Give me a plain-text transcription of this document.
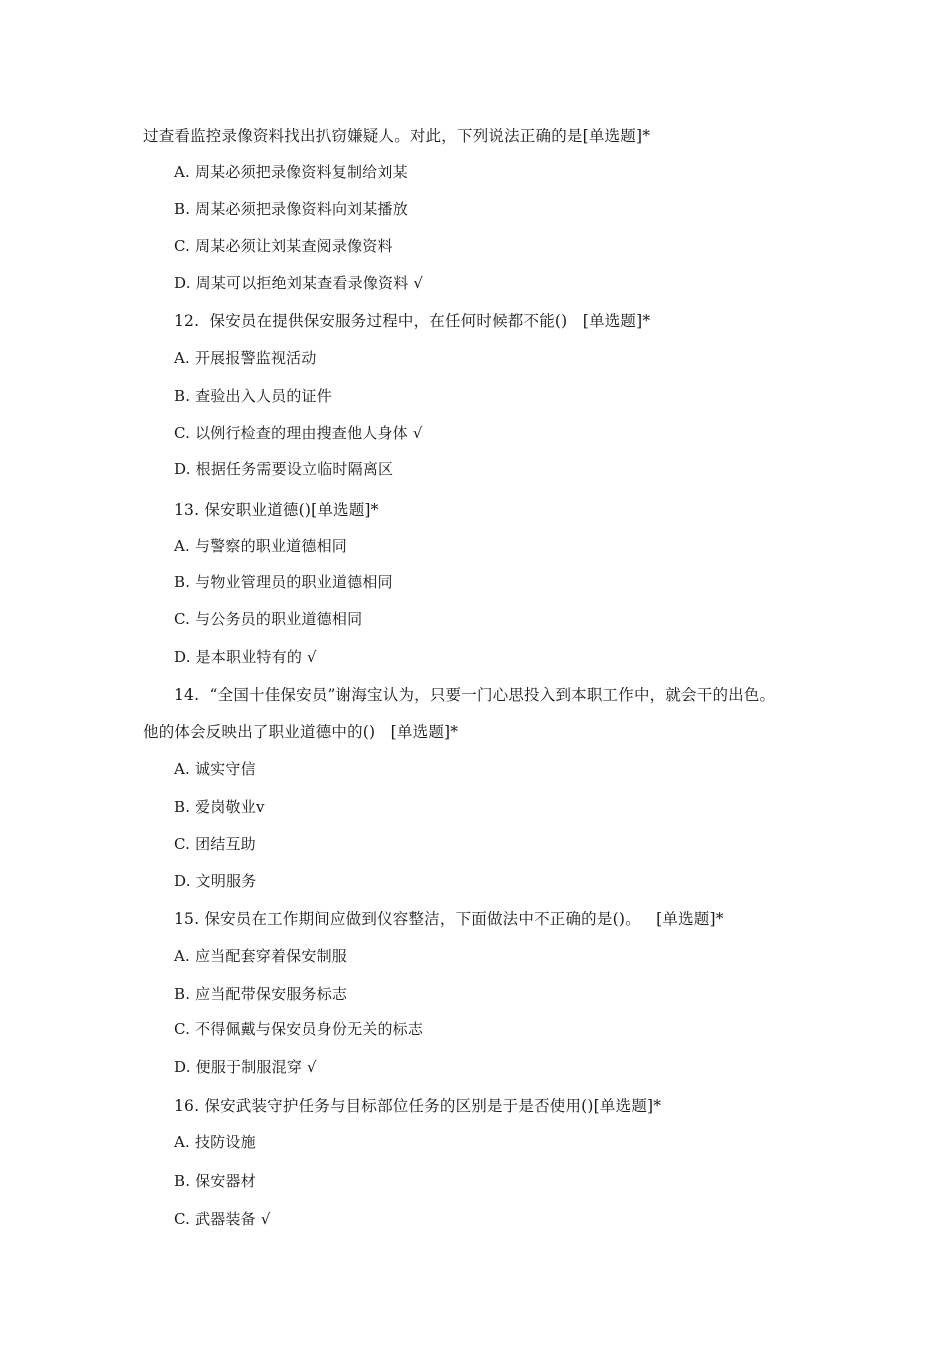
过查看监控录像资料找出扒窃嫌疑人。对此，下列说法正确的是[单选题]*
A. 周某必须把录像资料复制给刘某
B. 周某必须把录像资料向刘某播放
C. 周某必须让刘某查阅录像资料
D. 周某可以拒绝刘某查看录像资料 √
12.  保安员在提供保安服务过程中，在任何时候都不能()   [单选题]*
A. 开展报警监视活动
B. 查验出入人员的证件
C. 以例行检查的理由搜查他人身体 √
D. 根据任务需要设立临时隔离区
13. 保安职业道德()[单选题]*
A. 与警察的职业道德相同
B. 与物业管理员的职业道德相同
C. 与公务员的职业道德相同
D. 是本职业特有的 √
14.  “全国十佳保安员”谢海宝认为，只要一门心思投入到本职工作中，就会干的出色。
他的体会反映出了职业道德中的()   [单选题]*
A. 诚实守信
B. 爱岗敬业v
C. 团结互助
D. 文明服务
15. 保安员在工作期间应做到仪容整洁，下面做法中不正确的是()。   [单选题]*
A. 应当配套穿着保安制服
B. 应当配带保安服务标志
C. 不得佩戴与保安员身份无关的标志
D. 便服于制服混穿 √
16. 保安武装守护任务与目标部位任务的区别是于是否使用()[单选题]*
A. 技防设施
B. 保安器材
C. 武器装备 √
